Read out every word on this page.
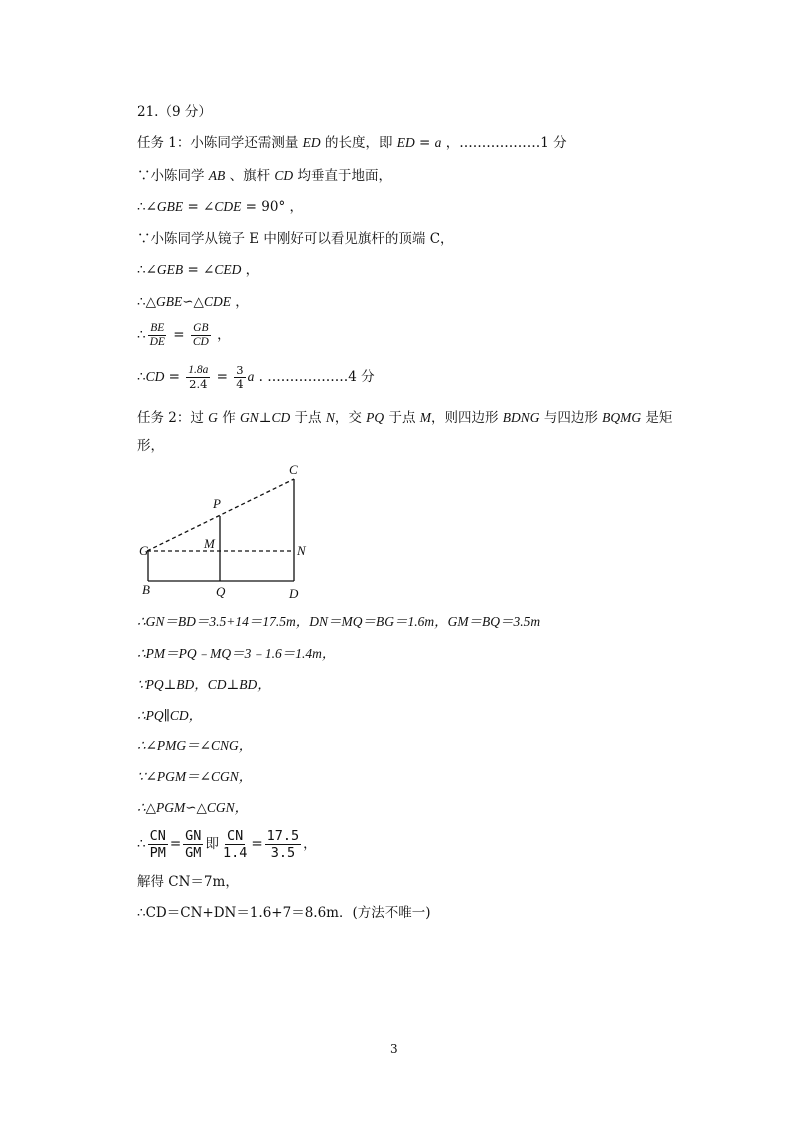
21.（9 分）
任务 1：小陈同学还需测量 ED 的长度，即 ED = a ，………………1 分
∵小陈同学 AB 、旗杆 CD 均垂直于地面，
∴∠GBE = ∠CDE = 90° ，
∵小陈同学从镜子 E 中刚好可以看见旗杆的顶端 C，
∴∠GEB = ∠CED ，
∴△GBE∽△CDE ，
∴ $\frac{BE}{DE} = \frac{GB}{CD}$ ，
∴CD = $\frac{1.8a}{2.4} = \frac{3}{4}$ a . ………………4 分
任务 2：过 G 作 GN⊥CD 于点 N，交 PQ 于点 M，则四边形 BDNG 与四边形 BQMG 是矩
形，
C
P
M
G	N
B	Q	D
∴GN＝BD＝3.5+14＝17.5m，DN＝MQ＝BG＝1.6m，GM＝BQ＝3.5m
∴PM＝PQ﹣MQ＝3﹣1.6＝1.4m，
∵PQ⊥BD，CD⊥BD，
∴PQ∥CD，
∴∠PMG＝∠CNG，
∵∠PGM＝∠CGN，
∴△PGM∽△CGN，
∴ $\frac{CN}{PM} = \frac{GN}{GM}$ 即 $\frac{CN}{1.4} = \frac{17.5}{3.5}$ ，
解得 CN＝7m，
∴CD＝CN+DN＝1.6+7＝8.6m．(方法不唯一)
3
